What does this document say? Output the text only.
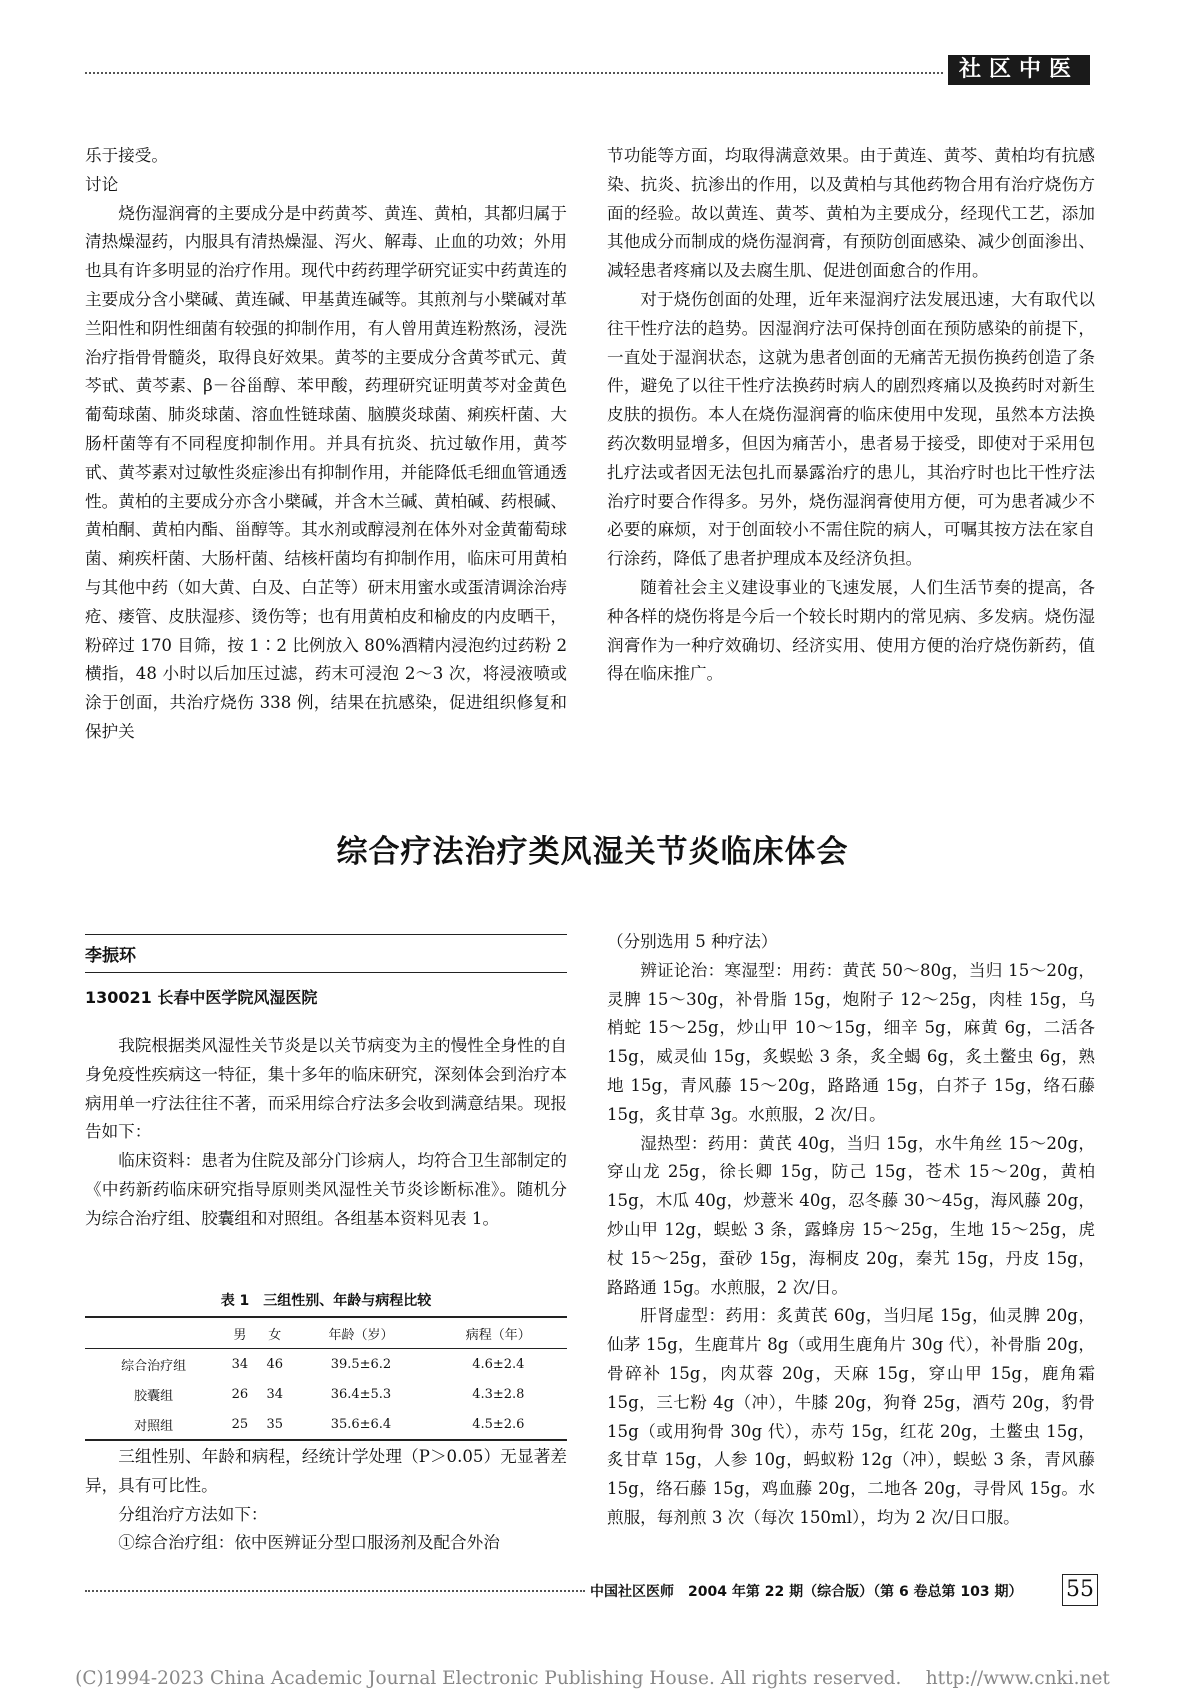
社区中医

乐于接受。

讨论

烧伤湿润膏的主要成分是中药黄芩、黄连、黄柏，其都归属于清热燥湿药，内服具有清热燥湿、泻火、解毒、止血的功效；外用也具有许多明显的治疗作用。现代中药药理学研究证实中药黄连的主要成分含小檗碱、黄连碱、甲基黄连碱等。其煎剂与小檗碱对革兰阳性和阴性细菌有较强的抑制作用，有人曾用黄连粉熬汤，浸洗治疗指骨骨髓炎，取得良好效果。黄芩的主要成分含黄芩甙元、黄芩甙、黄芩素、β－谷甾醇、苯甲酸，药理研究证明黄芩对金黄色葡萄球菌、肺炎球菌、溶血性链球菌、脑膜炎球菌、痢疾杆菌、大肠杆菌等有不同程度抑制作用。并具有抗炎、抗过敏作用，黄芩甙、黄芩素对过敏性炎症渗出有抑制作用，并能降低毛细血管通透性。黄柏的主要成分亦含小檗碱，并含木兰碱、黄柏碱、药根碱、黄柏酮、黄柏内酯、甾醇等。其水剂或醇浸剂在体外对金黄葡萄球菌、痢疾杆菌、大肠杆菌、结核杆菌均有抑制作用，临床可用黄柏与其他中药（如大黄、白及、白芷等）研末用蜜水或蛋清调涂治痔疮、瘘管、皮肤湿疹、烫伤等；也有用黄柏皮和榆皮的内皮晒干，粉碎过 170 目筛，按 1∶2 比例放入 80%酒精内浸泡约过药粉 2 横指，48 小时以后加压过滤，药末可浸泡 2～3 次，将浸液喷或涂于创面，共治疗烧伤 338 例，结果在抗感染，促进组织修复和保护关

节功能等方面，均取得满意效果。由于黄连、黄芩、黄柏均有抗感染、抗炎、抗渗出的作用，以及黄柏与其他药物合用有治疗烧伤方面的经验。故以黄连、黄芩、黄柏为主要成分，经现代工艺，添加其他成分而制成的烧伤湿润膏，有预防创面感染、减少创面渗出、减轻患者疼痛以及去腐生肌、促进创面愈合的作用。

对于烧伤创面的处理，近年来湿润疗法发展迅速，大有取代以往干性疗法的趋势。因湿润疗法可保持创面在预防感染的前提下，一直处于湿润状态，这就为患者创面的无痛苦无损伤换药创造了条件，避免了以往干性疗法换药时病人的剧烈疼痛以及换药时对新生皮肤的损伤。本人在烧伤湿润膏的临床使用中发现，虽然本方法换药次数明显增多，但因为痛苦小，患者易于接受，即使对于采用包扎疗法或者因无法包扎而暴露治疗的患儿，其治疗时也比干性疗法治疗时要合作得多。另外，烧伤湿润膏使用方便，可为患者减少不必要的麻烦，对于创面较小不需住院的病人，可嘱其按方法在家自行涂药，降低了患者护理成本及经济负担。

随着社会主义建设事业的飞速发展，人们生活节奏的提高，各种各样的烧伤将是今后一个较长时期内的常见病、多发病。烧伤湿润膏作为一种疗效确切、经济实用、使用方便的治疗烧伤新药，值得在临床推广。

综合疗法治疗类风湿关节炎临床体会
李振环
130021 长春中医学院风湿医院

我院根据类风湿性关节炎是以关节病变为主的慢性全身性的自身免疫性疾病这一特征，集十多年的临床研究，深刻体会到治疗本病用单一疗法往往不著，而采用综合疗法多会收到满意结果。现报告如下：

临床资料：患者为住院及部分门诊病人，均符合卫生部制定的《中药新药临床研究指导原则类风湿性关节炎诊断标准》。随机分为综合治疗组、胶囊组和对照组。各组基本资料见表 1。

表 1　三组性别、年龄与病程比较
	男	女	年龄（岁）	病程（年）
综合治疗组	34	46	39.5±6.2	4.6±2.4
胶囊组	26	34	36.4±5.3	4.3±2.8
对照组	25	35	35.6±6.4	4.5±2.6

三组性别、年龄和病程，经统计学处理（P＞0.05）无显著差异，具有可比性。

分组治疗方法如下：

①综合治疗组：依中医辨证分型口服汤剂及配合外治

（分别选用 5 种疗法）

辨证论治：寒湿型：用药：黄芪 50～80g，当归 15～20g，灵脾 15～30g，补骨脂 15g，炮附子 12～25g，肉桂 15g，乌梢蛇 15～25g，炒山甲 10～15g，细辛 5g，麻黄 6g，二活各 15g，威灵仙 15g，炙蜈蚣 3 条，炙全蝎 6g，炙土鳖虫 6g，熟地 15g，青风藤 15～20g，路路通 15g，白芥子 15g，络石藤 15g，炙甘草 3g。水煎服，2 次/日。

湿热型：药用：黄芪 40g，当归 15g，水牛角丝 15～20g，穿山龙 25g，徐长卿 15g，防己 15g，苍术 15～20g，黄柏 15g，木瓜 40g，炒薏米 40g，忍冬藤 30～45g，海风藤 20g，炒山甲 12g，蜈蚣 3 条，露蜂房 15～25g，生地 15～25g，虎杖 15～25g，蚕砂 15g，海桐皮 20g，秦艽 15g，丹皮 15g，路路通 15g。水煎服，2 次/日。

肝肾虚型：药用：炙黄芪 60g，当归尾 15g，仙灵脾 20g，仙茅 15g，生鹿茸片 8g（或用生鹿角片 30g 代），补骨脂 20g，骨碎补 15g，肉苁蓉 20g，天麻 15g，穿山甲 15g，鹿角霜 15g，三七粉 4g（冲），牛膝 20g，狗脊 25g，酒芍 20g，豹骨 15g（或用狗骨 30g 代），赤芍 15g，红花 20g，土鳖虫 15g，炙甘草 15g，人参 10g，蚂蚁粉 12g（冲），蜈蚣 3 条，青风藤 15g，络石藤 15g，鸡血藤 20g，二地各 20g，寻骨风 15g。水煎服，每剂煎 3 次（每次 150ml），均为 2 次/日口服。

中国社区医师　2004 年第 22 期（综合版）（第 6 卷总第 103 期） 55
(C)1994-2023 China Academic Journal Electronic Publishing House. All rights reserved.　 http://www.cnki.net
